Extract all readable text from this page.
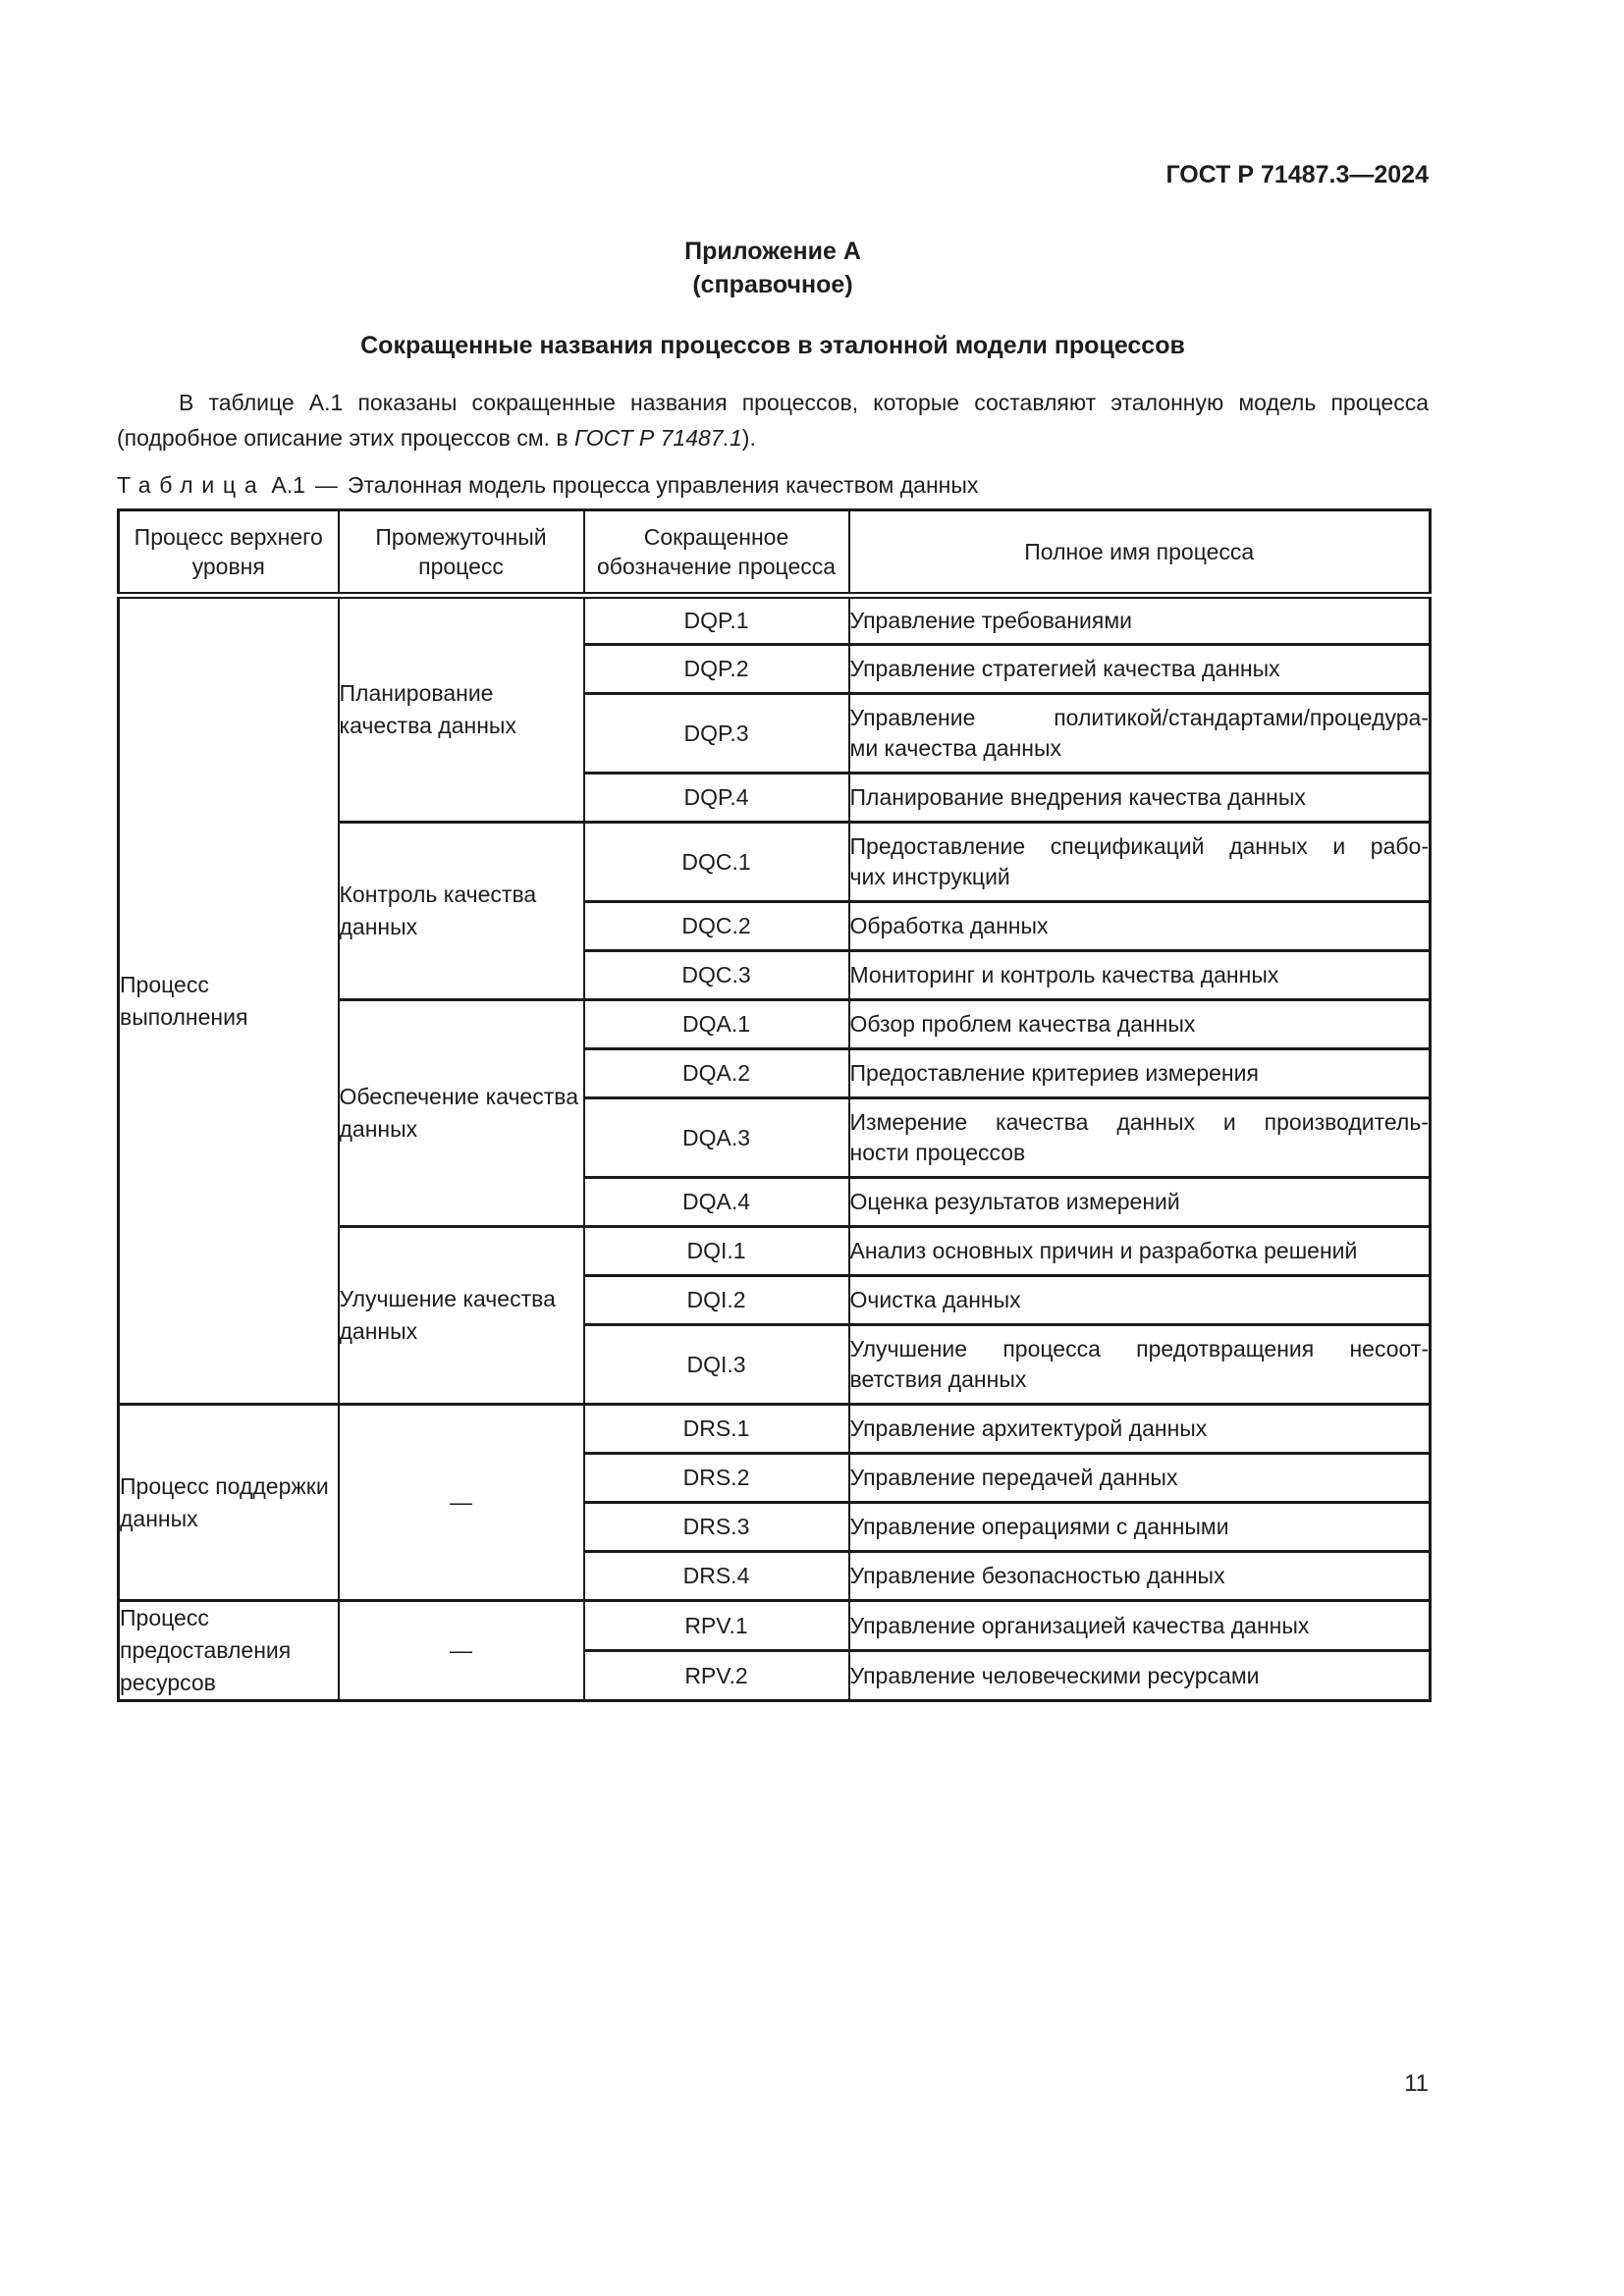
ГОСТ Р 71487.3—2024
Приложение А
(справочное)
Сокращенные названия процессов в эталонной модели процессов

В таблице А.1 показаны сокращенные названия процессов, которые составляют эталонную модель процесса (подробное описание этих процессов см. в ГОСТ Р 71487.1).

Таблица А.1 — Эталонная модель процесса управления качеством данных
Процесс верхнего уровня	Промежуточный процесс	Сокращенное обозначение процесса	Полное имя процесса
Процесс выполнения	Планирование качества данных	DQP.1	Управление требованиями

		DQP.2	Управление стратегией качества данных

		DQP.3	Управление политикой/стандартами/процедура-
ми качества данных

		DQP.4	Планирование внедрения качества данных

	Контроль качества данных	DQC.1	Предоставление спецификаций данных и рабо-
чих инструкций

		DQC.2	Обработка данных

		DQC.3	Мониторинг и контроль качества данных

	Обеспечение качества данных	DQA.1	Обзор проблем качества данных

		DQA.2	Предоставление критериев измерения

		DQA.3	Измерение качества данных и производитель-
ности процессов

		DQA.4	Оценка результатов измерений

	Улучшение качества данных	DQI.1	Анализ основных причин и разработка решений

		DQI.2	Очистка данных

		DQI.3	Улучшение процесса предотвращения несоот-
ветствия данных

Процесс поддержки данных	—	DRS.1	Управление архитектурой данных

		DRS.2	Управление передачей данных

		DRS.3	Управление операциями с данными

		DRS.4	Управление безопасностью данных

Процесс предоставления ресурсов	—	RPV.1	Управление организацией качества данных

		RPV.2	Управление человеческими ресурсами
11
